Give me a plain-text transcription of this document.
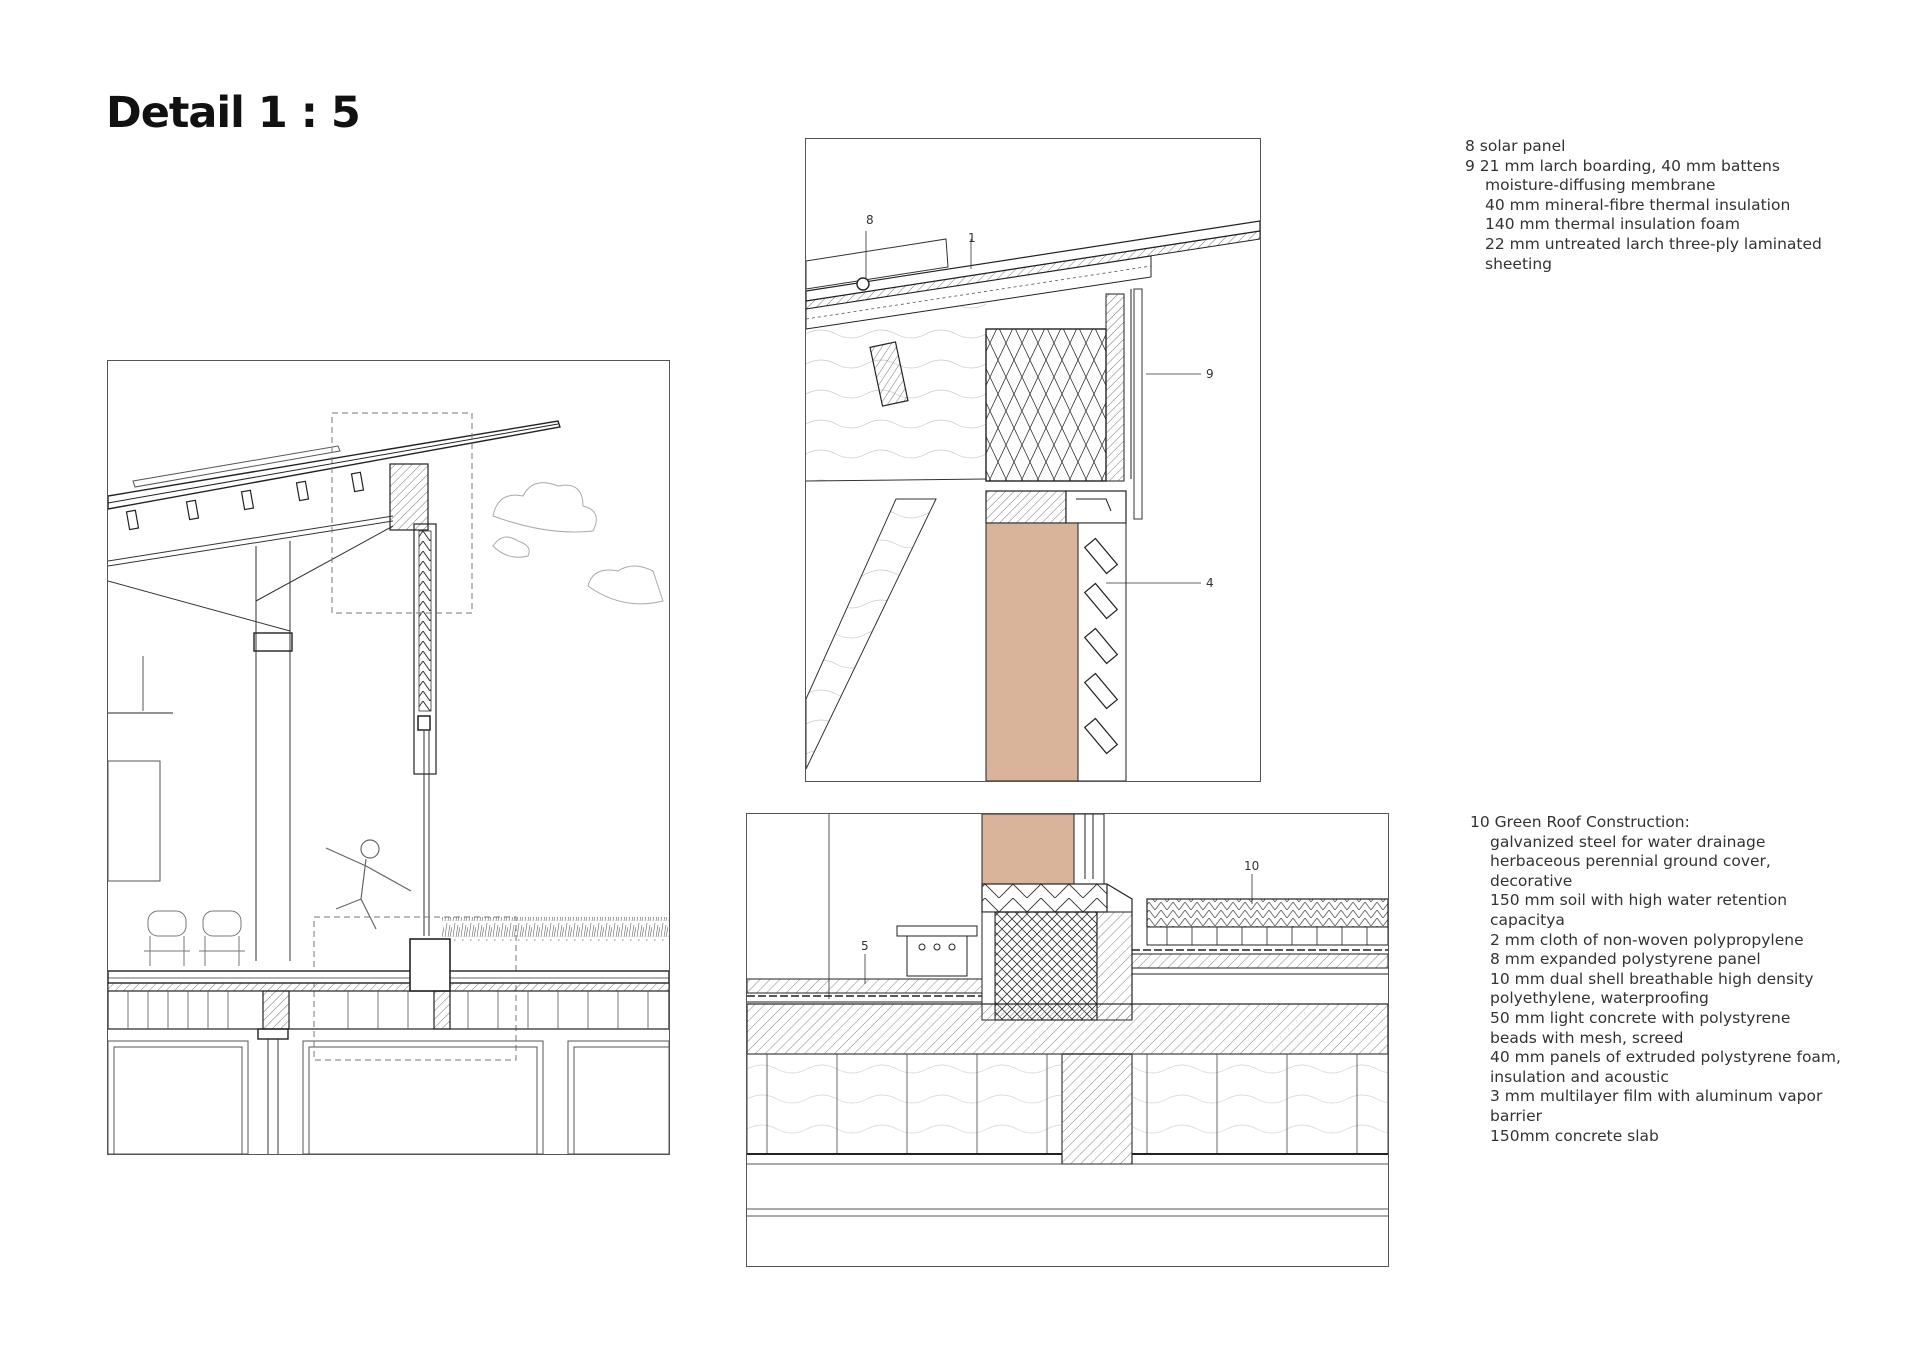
Detail 1 : 5
8
1
9
4
5
10
8 solar panel
9 21 mm larch boarding, 40 mm battens
moisture-diffusing membrane
40 mm mineral-fibre thermal insulation
140 mm thermal insulation foam
22 mm untreated larch three-ply laminated
sheeting
10 Green Roof Construction:
galvanized steel for water drainage
herbaceous perennial ground cover,
decorative
150 mm soil with high water retention
capacitya
2 mm cloth of non-woven polypropylene
8 mm expanded polystyrene panel
10 mm dual shell breathable high density
polyethylene, waterproofing
50 mm light concrete with polystyrene
beads with mesh, screed
40 mm panels of extruded polystyrene foam,
insulation and acoustic
3 mm multilayer film with aluminum vapor
barrier
150mm concrete slab
